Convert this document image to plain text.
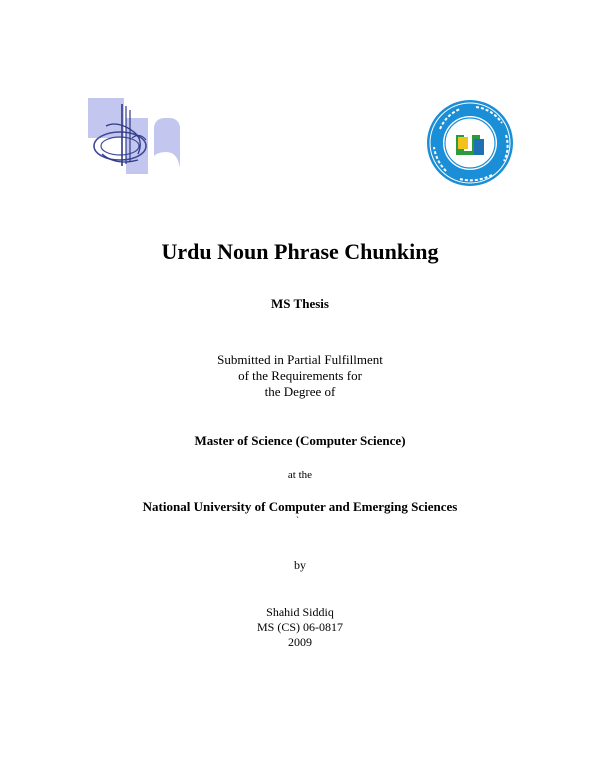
Urdu Noun Phrase Chunking
MS Thesis
Submitted in Partial Fulfillment
of the Requirements for
the Degree of
Master of Science (Computer Science)
at the
National University of Computer and Emerging Sciences
`
by
Shahid Siddiq
MS (CS) 06-0817
2009
